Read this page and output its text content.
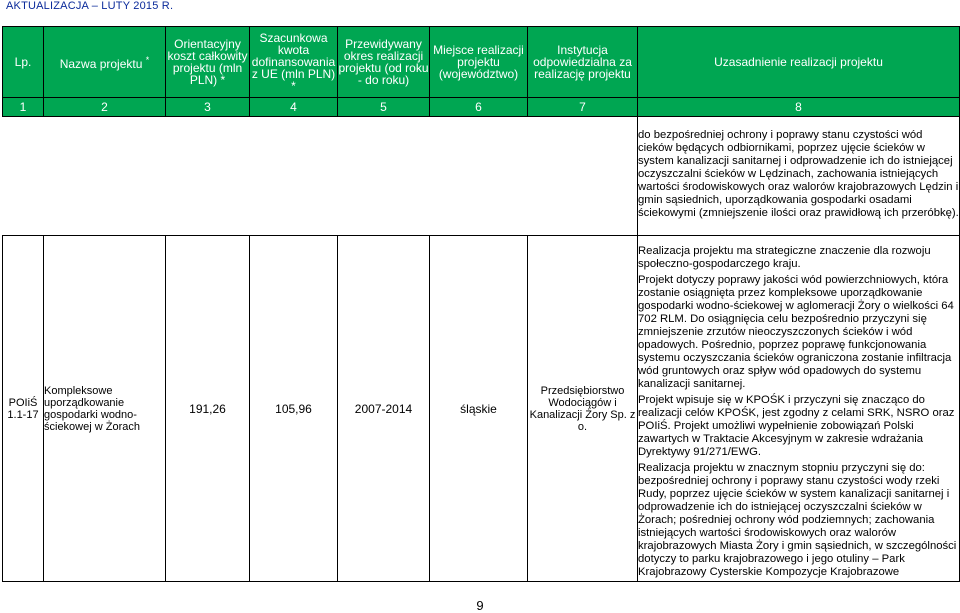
AKTUALIZACJA – LUTY 2015 R.
Lp.	Nazwa projektu *	Orientacyjny koszt całkowity projektu (mln PLN) *	Szacunkowa kwota dofinansowania z UE (mln PLN) *	Przewidywany okres realizacji projektu (od roku - do roku)	Miejsce realizacji projektu (województwo)	Instytucja odpowiedzialna za realizację projektu	Uzasadnienie realizacji projektu
1	2	3	4	5	6	7	8

							do bezpośredniej ochrony i poprawy stanu czystości wód cieków będących odbiornikami, poprzez ujęcie ścieków w system kanalizacji sanitarnej i odprowadzenie ich do istniejącej oczyszczalni ścieków w Lędzinach, zachowania istniejących wartości środowiskowych oraz walorów krajobrazowych Lędzin i gmin sąsiednich, uporządkowania gospodarki osadami ściekowymi (zmniejszenie ilości oraz prawidłową ich przeróbkę).

POIiŚ 1.1-17	Kompleksowe uporządkowanie gospodarki wodno-ściekowej w Żorach	191,26	105,96	2007-2014	śląskie	Przedsiębiorstwo Wodociągów i Kanalizacji Żory Sp. z o.	Realizacja projektu ma strategiczne znaczenie dla rozwoju społeczno-gospodarczego kraju.

Projekt dotyczy poprawy jakości wód powierzchniowych, która zostanie osiągnięta przez kompleksowe uporządkowanie gospodarki wodno-ściekowej w aglomeracji Żory o wielkości 64 702 RLM. Do osiągnięcia celu bezpośrednio przyczyni się zmniejszenie zrzutów nieoczyszczonych ścieków i wód opadowych. Pośrednio, poprzez poprawę funkcjonowania systemu oczyszczania ścieków ograniczona zostanie infiltracja wód gruntowych oraz spływ wód opadowych do systemu kanalizacji sanitarnej.

Projekt wpisuje się w KPOŚK i przyczyni się znacząco do realizacji celów KPOŚK, jest zgodny z celami SRK, NSRO oraz POIiŚ. Projekt umożliwi wypełnienie zobowiązań Polski zawartych w Traktacie Akcesyjnym w zakresie wdrażania Dyrektywy 91/271/EWG.

Realizacja projektu w znacznym stopniu przyczyni się do: bezpośredniej ochrony i poprawy stanu czystości wody rzeki Rudy, poprzez ujęcie ścieków w system kanalizacji sanitarnej i odprowadzenie ich do istniejącej oczyszczalni ścieków w Żorach; pośredniej ochrony wód podziemnych; zachowania istniejących wartości środowiskowych oraz walorów krajobrazowych Miasta Żory i gmin sąsiednich, w szczególności dotyczy to parku krajobrazowego i jego otuliny – Park Krajobrazowy Cysterskie Kompozycje Krajobrazowe

9
